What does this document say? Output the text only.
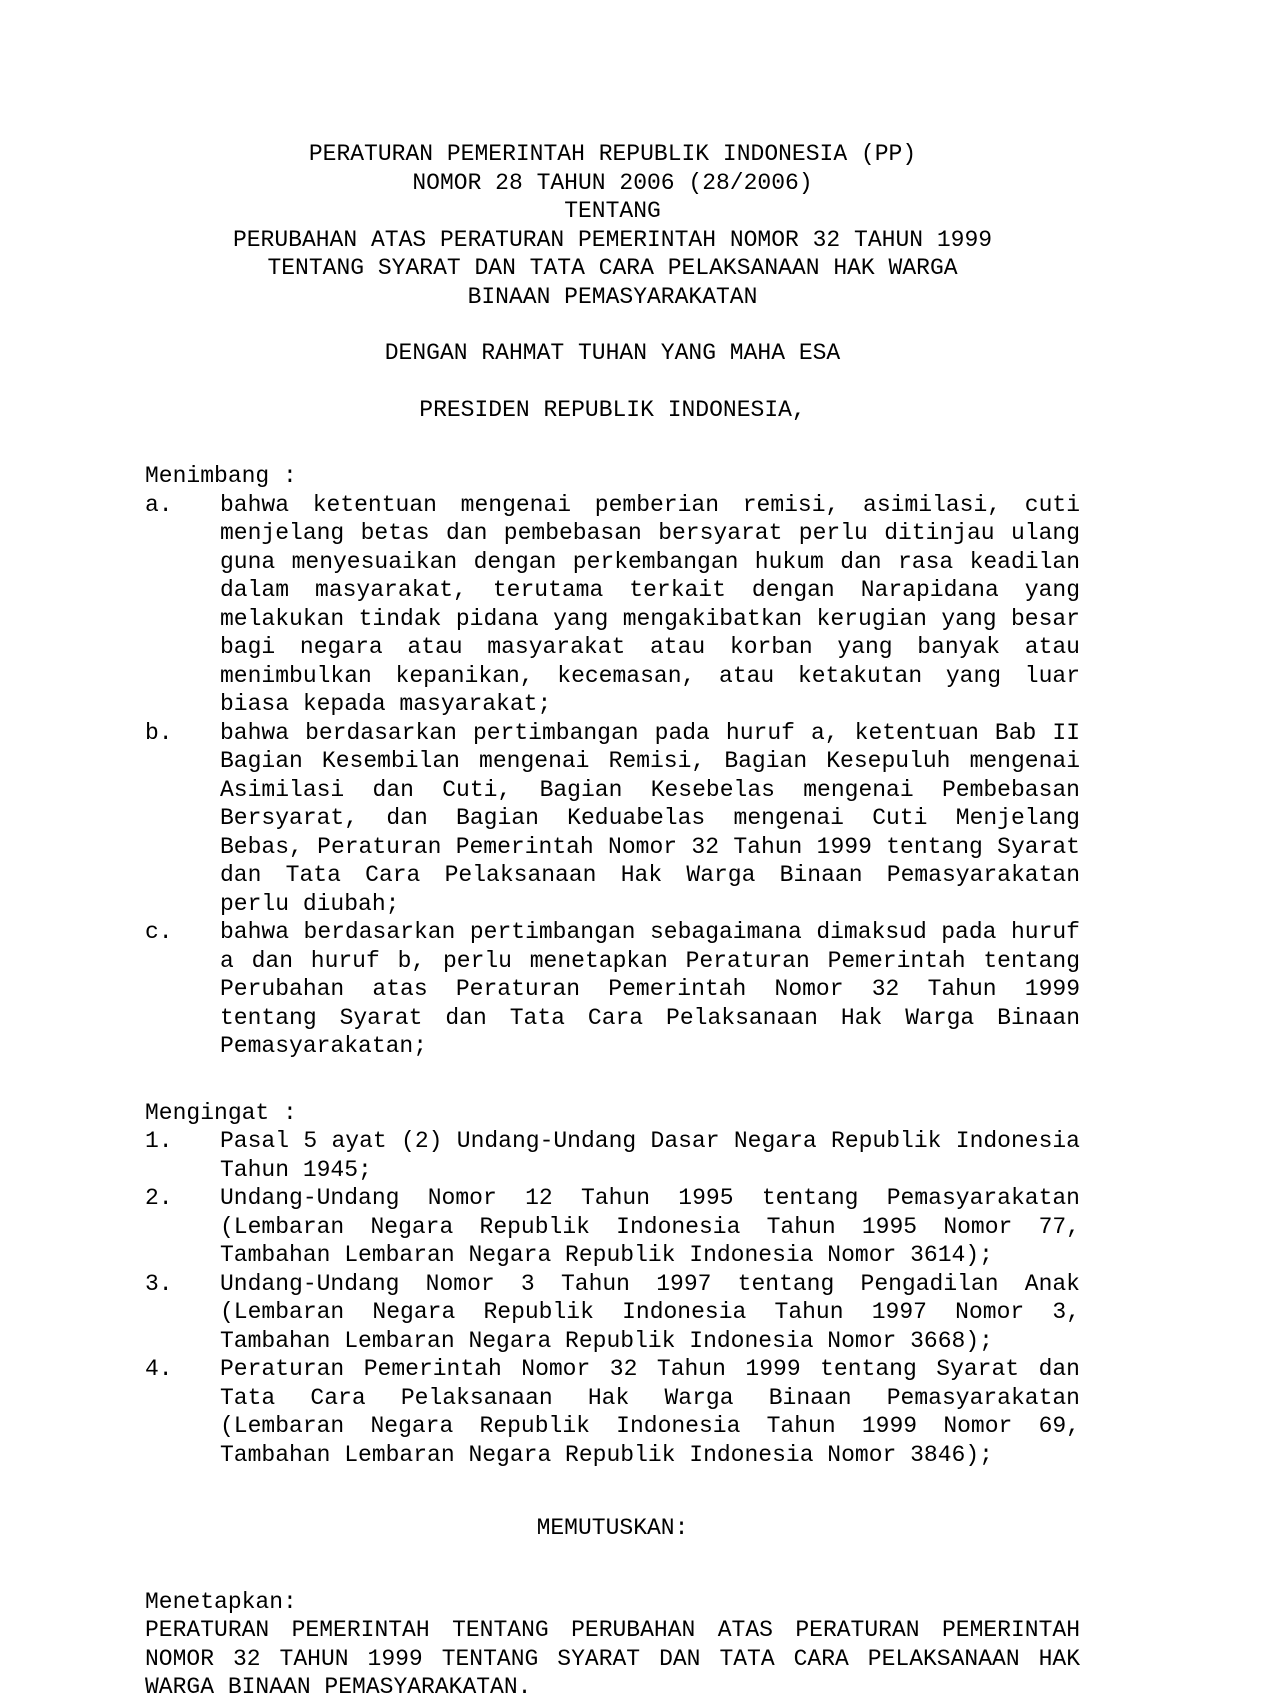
PERATURAN PEMERINTAH REPUBLIK INDONESIA (PP)
NOMOR 28 TAHUN 2006 (28/2006)
TENTANG
PERUBAHAN ATAS PERATURAN PEMERINTAH NOMOR 32 TAHUN 1999
TENTANG SYARAT DAN TATA CARA PELAKSANAAN HAK WARGA
BINAAN PEMASYARAKATAN
DENGAN RAHMAT TUHAN YANG MAHA ESA
PRESIDEN REPUBLIK INDONESIA,
Menimbang :
a.	bahwa ketentuan mengenai pemberian remisi, asimilasi, cuti menjelang betas dan pembebasan bersyarat perlu ditinjau ulang guna menyesuaikan dengan perkembangan hukum dan rasa keadilan dalam masyarakat, terutama terkait dengan Narapidana yang melakukan tindak pidana yang mengakibatkan kerugian yang besar bagi negara atau masyarakat atau korban yang banyak atau menimbulkan kepanikan, kecemasan, atau ketakutan yang luar biasa kepada masyarakat;
b.	bahwa berdasarkan pertimbangan pada huruf a, ketentuan Bab II Bagian Kesembilan mengenai Remisi, Bagian Kesepuluh mengenai Asimilasi dan Cuti, Bagian Kesebelas mengenai Pembebasan Bersyarat, dan Bagian Keduabelas mengenai Cuti Menjelang Bebas, Peraturan Pemerintah Nomor 32 Tahun 1999 tentang Syarat dan Tata Cara Pelaksanaan Hak Warga Binaan Pemasyarakatan perlu diubah;
c.	bahwa berdasarkan pertimbangan sebagaimana dimaksud pada huruf a dan huruf b, perlu menetapkan Peraturan Pemerintah tentang Perubahan atas Peraturan Pemerintah Nomor 32 Tahun 1999 tentang Syarat dan Tata Cara Pelaksanaan Hak Warga Binaan Pemasyarakatan;
Mengingat :
1.	Pasal 5 ayat (2) Undang-Undang Dasar Negara Republik Indonesia Tahun 1945;
2.	Undang-Undang Nomor 12 Tahun 1995 tentang Pemasyarakatan (Lembaran Negara Republik Indonesia Tahun 1995 Nomor 77, Tambahan Lembaran Negara Republik Indonesia Nomor 3614);
3.	Undang-Undang Nomor 3 Tahun 1997 tentang Pengadilan Anak (Lembaran Negara Republik Indonesia Tahun 1997 Nomor 3, Tambahan Lembaran Negara Republik Indonesia Nomor 3668);
4.	Peraturan Pemerintah Nomor 32 Tahun 1999 tentang Syarat dan Tata Cara Pelaksanaan Hak Warga Binaan Pemasyarakatan (Lembaran Negara Republik Indonesia Tahun 1999 Nomor 69, Tambahan Lembaran Negara Republik Indonesia Nomor 3846);
MEMUTUSKAN:
Menetapkan:
PERATURAN PEMERINTAH TENTANG PERUBAHAN ATAS PERATURAN PEMERINTAH NOMOR 32 TAHUN 1999 TENTANG SYARAT DAN TATA CARA PELAKSANAAN HAK WARGA BINAAN PEMASYARAKATAN.
